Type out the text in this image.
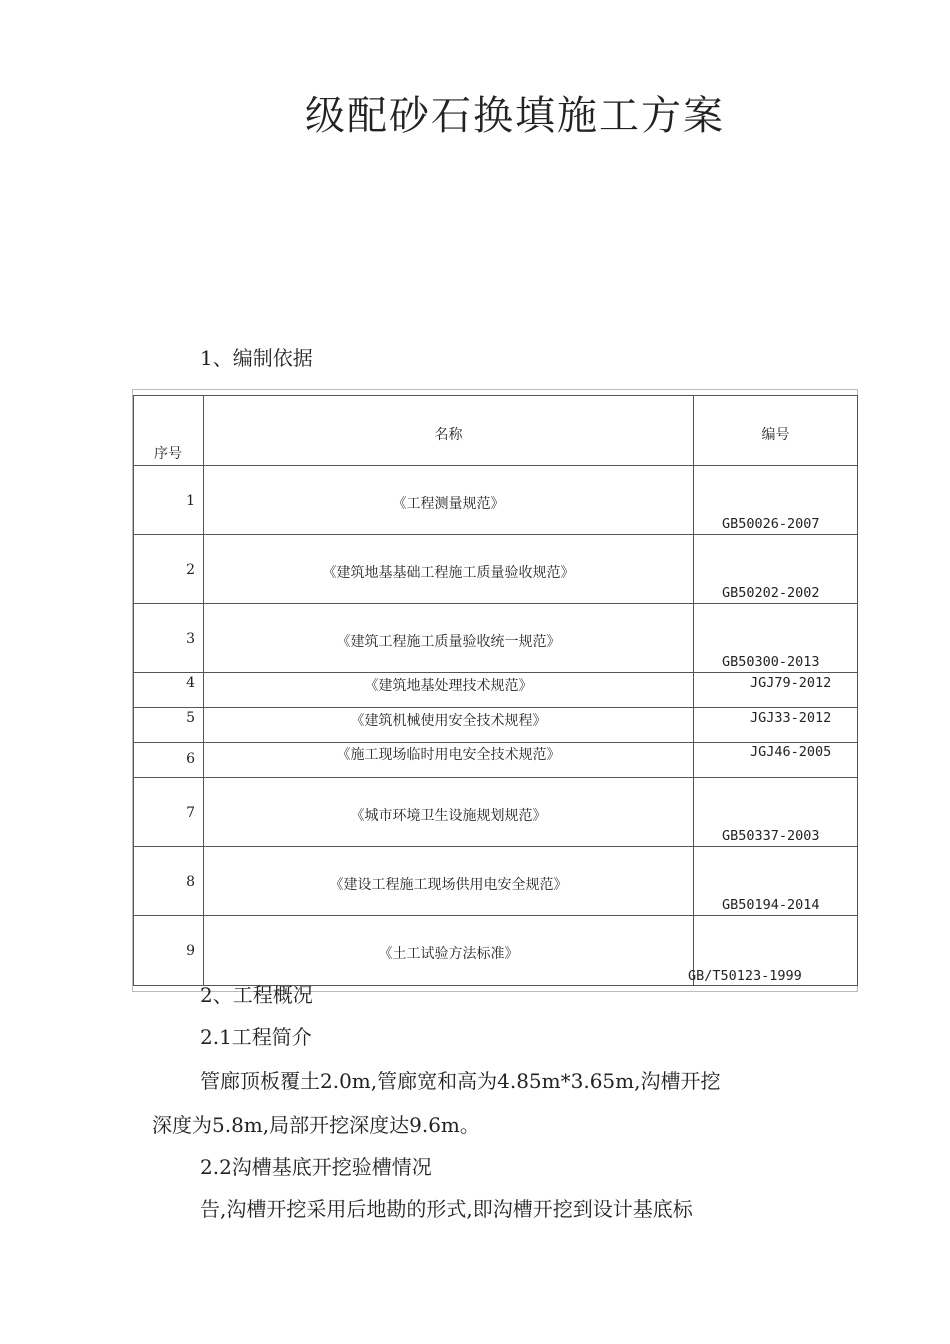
级配砂石换填施工方案
1、编制依据
序号	名称	编号

1	《工程测量规范》	GB50026-2007

2	《建筑地基基础工程施工质量验收规范》	GB50202-2002

3	《建筑工程施工质量验收统一规范》	GB50300-2013

4	《建筑地基处理技术规范》	JGJ79-2012

5	《建筑机械使用安全技术规程》	JGJ33-2012

6	《施工现场临时用电安全技术规范》	JGJ46-2005

7	《城市环境卫生设施规划规范》	GB50337-2003

8	《建设工程施工现场供用电安全规范》	GB50194-2014

9	《土工试验方法标准》	GB/T50123-1999
2、工程概况
2.1工程简介
管廊顶板覆土2.0m,管廊宽和高为4.85m*3.65m,沟槽开挖
深度为5.8m,局部开挖深度达9.6m。
2.2沟槽基底开挖验槽情况
告,沟槽开挖采用后地勘的形式,即沟槽开挖到设计基底标
